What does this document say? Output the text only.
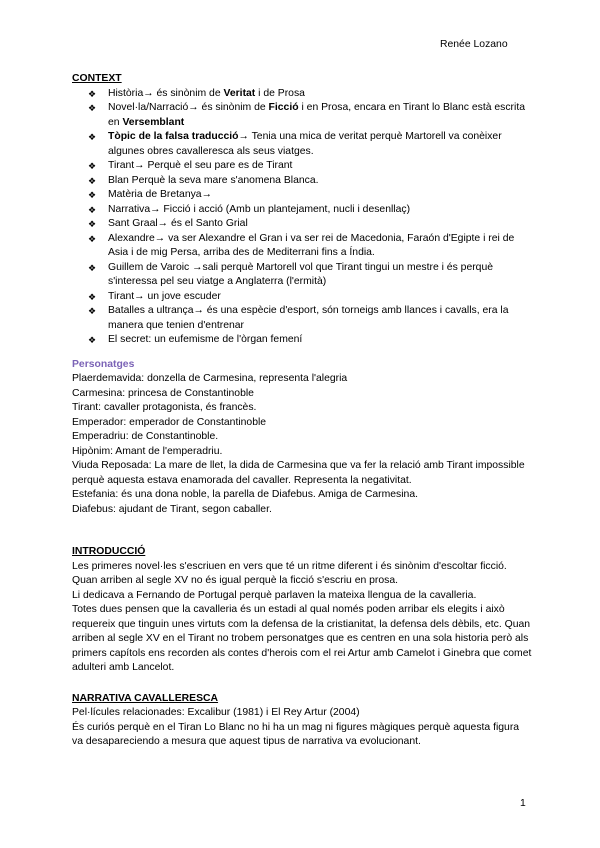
Renée Lozano
CONTEXT
❖ Història→ és sinònim de Veritat i de Prosa
❖ Novel·la/Narració→ és sinònim de Ficció i en Prosa, encara en Tirant lo Blanc està escrita en Versemblant
❖ Tòpic de la falsa traducció→ Tenia una mica de veritat perquè Martorell va conèixer algunes obres cavalleresca als seus viatges.
❖ Tirant→ Perquè el seu pare es de Tirant
❖ Blan Perquè la seva mare s'anomena Blanca.
❖ Matèria de Bretanya→
❖ Narrativa→ Ficció i acció (Amb un plantejament, nucli i desenllaç)
❖ Sant Graal→ és el Santo Grial
❖ Alexandre→ va ser Alexandre el Gran i va ser rei de Macedonia, Faraón d'Egipte i rei de Asia i de mig Persa, arriba des de Mediterrani fins a Índia.
❖ Guillem de Varoic →sali perquè Martorell vol que Tirant tingui un mestre i és perquè s'interessa pel seu viatge a Anglaterra (l'ermità)
❖ Tirant→ un jove escuder
❖ Batalles a ultrança→ és una espècie d'esport, són torneigs amb llances i cavalls, era la manera que tenien d'entrenar
❖ El secret: un eufemisme de l'òrgan femení
Personatges
Plaerdemavida: donzella de Carmesina, representa l'alegria
Carmesina: princesa de Constantinoble
Tirant: cavaller protagonista, és francès.
Emperador: emperador de Constantinoble
Emperadriu: de Constantinoble.
Hipònim: Amant de l'emperadriu.
Viuda Reposada: La mare de llet, la dida de Carmesina que va fer la relació amb Tirant impossible perquè aquesta estava enamorada del cavaller. Representa la negativitat.
Estefania: és una dona noble, la parella de Diafebus. Amiga de Carmesina.
Diafebus: ajudant de Tirant, segon caballer.
INTRODUCCIÓ
Les primeres novel·les s'escriuen en vers que té un ritme diferent i és sinònim d'escoltar ficció. Quan arriben al segle XV no és igual perquè la ficció s'escriu en prosa.
Li dedicava a Fernando de Portugal perquè parlaven la mateixa llengua de la cavalleria.
Totes dues pensen que la cavalleria és un estadi al qual només poden arribar els elegits i això requereix que tinguin unes virtuts com la defensa de la cristianitat, la defensa dels dèbils, etc. Quan arriben al segle XV en el Tirant no trobem personatges que es centren en una sola historia però als primers capítols ens recorden als contes d'herois com el rei Artur amb Camelot i Ginebra que comet adulteri amb Lancelot.
NARRATIVA CAVALLERESCA
Pel·lícules relacionades: Excalibur (1981) i El Rey Artur (2004)
És curiós perquè en el Tiran Lo Blanc no hi ha un mag ni figures màgiques perquè aquesta figura va desapareciendo a mesura que aquest tipus de narrativa va evolucionant.
1
